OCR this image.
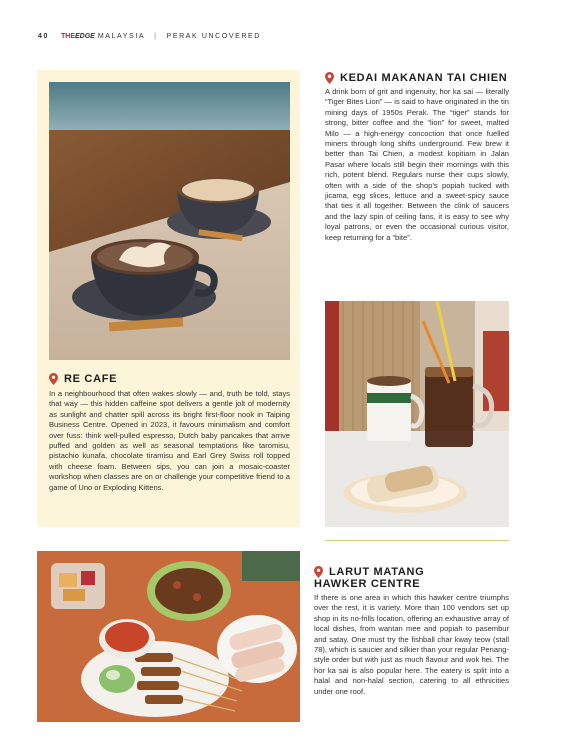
40 THE EDGE MALAYSIA | PERAK UNCOVERED
RE CAFE
In a neighbourhood that often wakes slowly — and, truth be told, stays that way — this hidden caffeine spot delivers a gentle jolt of modernity as sunlight and chatter spill across its bright first-floor nook in Taiping Business Centre. Opened in 2023, it favours minimalism and comfort over fuss: think well-pulled espresso, Dutch baby pancakes that arrive puffed and golden as well as seasonal temptations like taromisu, pistachio kunafa, chocolate tiramisu and Earl Grey Swiss roll topped with cheese foam. Between sips, you can join a mosaic-coaster workshop when classes are on or challenge your competitive friend to a game of Uno or Exploding Kittens.
KEDAI MAKANAN TAI CHIEN
A drink born of grit and ingenuity, hor ka sai — literally “Tiger Bites Lion” — is said to have originated in the tin mining days of 1950s Perak. The “tiger” stands for strong, bitter coffee and the “lion” for sweet, malted Milo — a high-energy concoction that once fuelled miners through long shifts underground. Few brew it better than Tai Chien, a modest kopitiam in Jalan Pasar where locals still begin their mornings with this rich, potent blend. Regulars nurse their cups slowly, often with a side of the shop’s popiah tucked with jicama, egg slices, lettuce and a sweet-spicy sauce that ties it all together. Between the clink of saucers and the lazy spin of ceiling fans, it is easy to see why loyal patrons, or even the occasional curious visitor, keep returning for a “bite”.
LARUT MATANG
HAWKER CENTRE
If there is one area in which this hawker centre triumphs over the rest, it is variety. More than 100 vendors set up shop in its no-frills location, offering an exhaustive array of local dishes, from wantan mee and popiah to pasembur and satay. One must try the fishball char kway teow (stall 78), which is saucier and silkier than your regular Penang-style order but with just as much flavour and wok hei. The hor ka sai is also popular here. The eatery is split into a halal and non-halal section, catering to all ethnicities under one roof.
